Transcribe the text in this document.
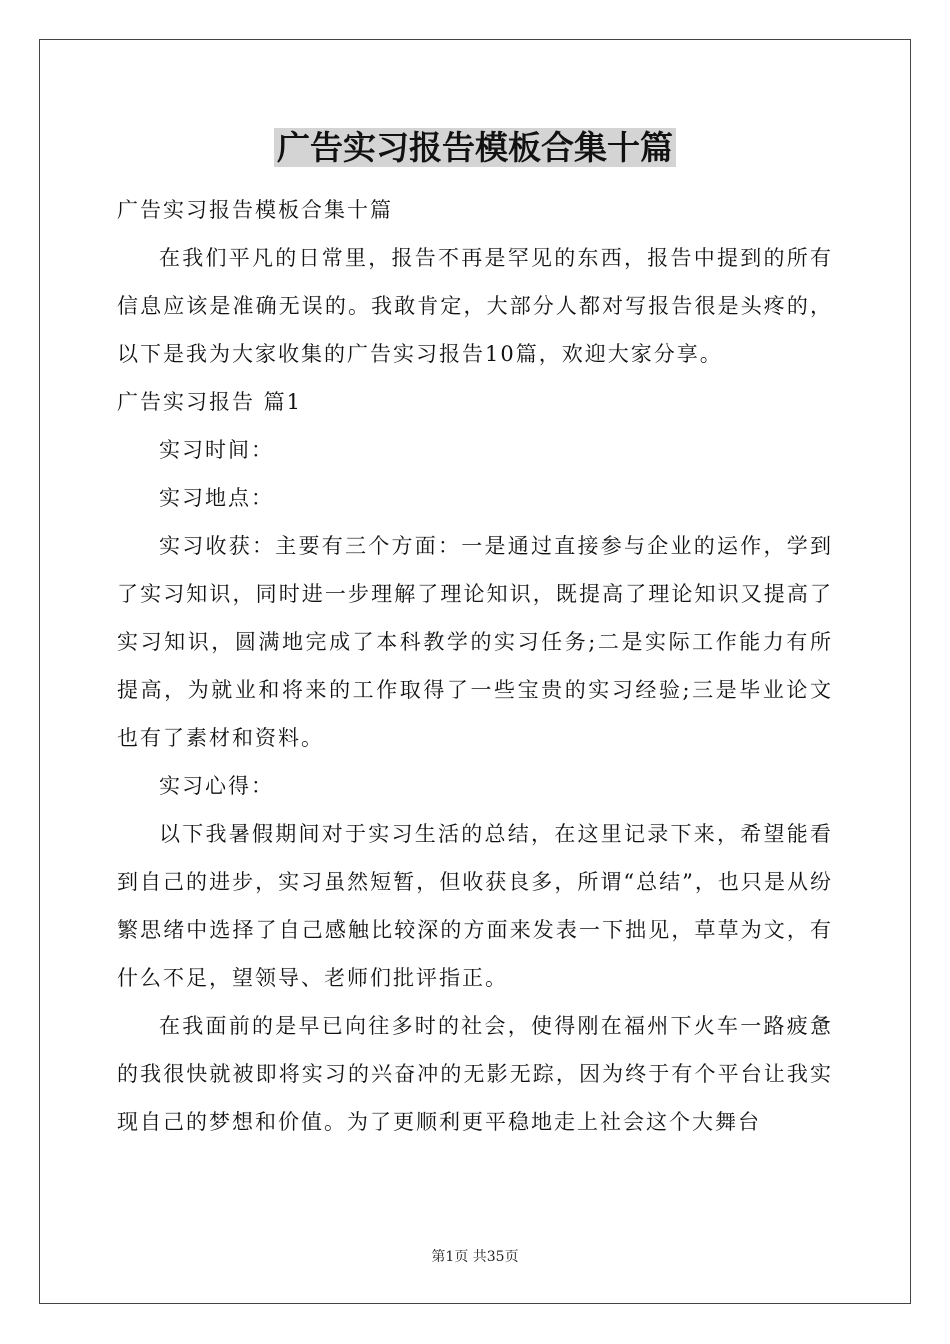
广告实习报告模板合集十篇

广告实习报告模板合集十篇

在我们平凡的日常里，报告不再是罕见的东西，报告中提到的所有信息应该是准确无误的。我敢肯定，大部分人都对写报告很是头疼的，以下是我为大家收集的广告实习报告10篇，欢迎大家分享。

广告实习报告 篇1

实习时间：

实习地点：

实习收获：主要有三个方面：一是通过直接参与企业的运作，学到了实习知识，同时进一步理解了理论知识，既提高了理论知识又提高了实习知识，圆满地完成了本科教学的实习任务;二是实际工作能力有所提高，为就业和将来的工作取得了一些宝贵的实习经验;三是毕业论文也有了素材和资料。

实习心得：

以下我暑假期间对于实习生活的总结，在这里记录下来，希望能看到自己的进步，实习虽然短暂，但收获良多，所谓“总结”，也只是从纷繁思绪中选择了自己感触比较深的方面来发表一下拙见，草草为文，有什么不足，望领导、老师们批评指正。

在我面前的是早已向往多时的社会，使得刚在福州下火车一路疲惫的我很快就被即将实习的兴奋冲的无影无踪，因为终于有个平台让我实现自己的梦想和价值。为了更顺利更平稳地走上社会这个大舞台

第1页 共35页
